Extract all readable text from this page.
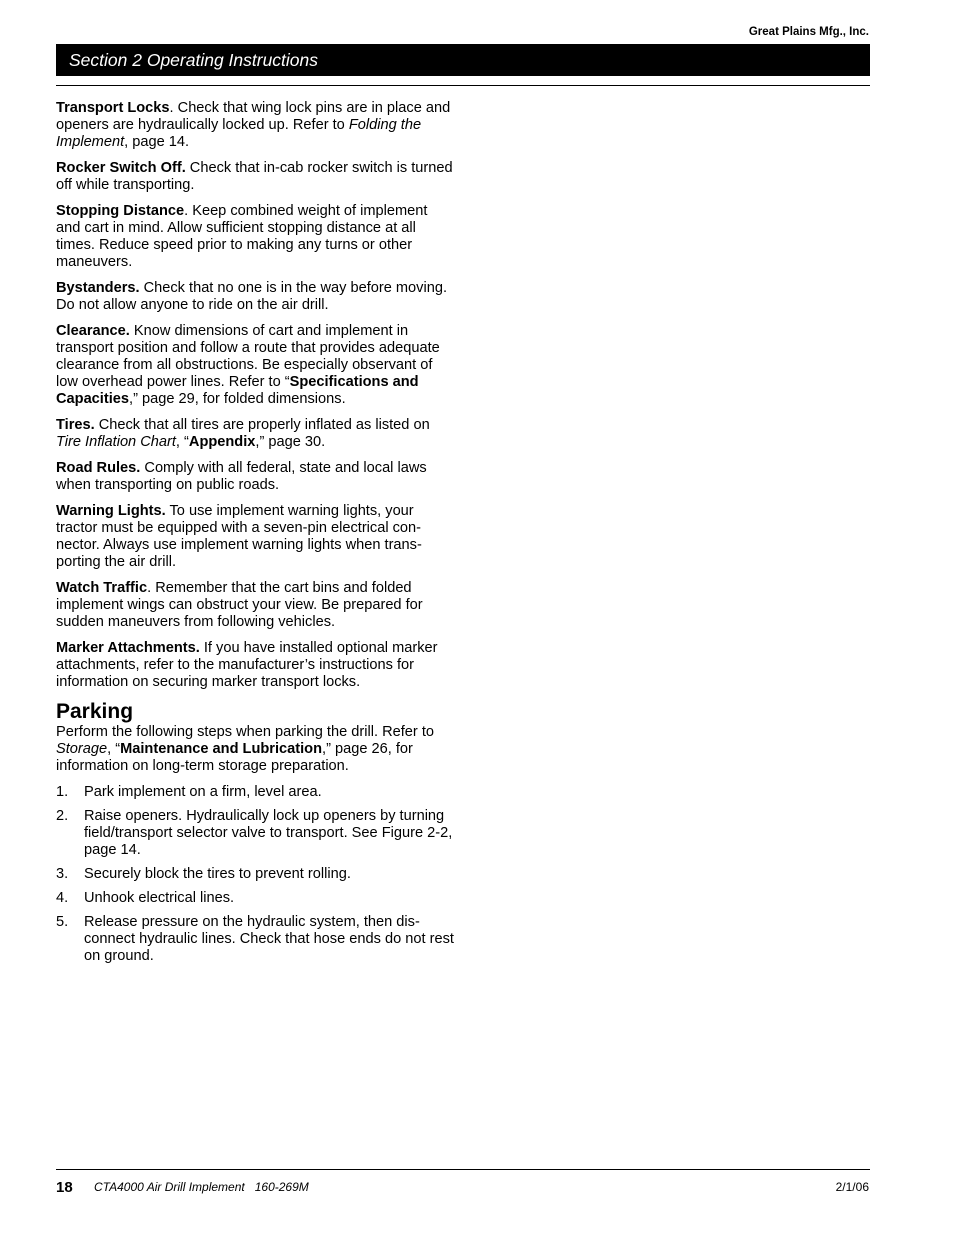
Great Plains Mfg., Inc.
Section 2 Operating Instructions

Transport Locks. Check that wing lock pins are in place and openers are hydraulically locked up. Refer to Folding the Implement, page 14.

Rocker Switch Off. Check that in-cab rocker switch is turned off while transporting.

Stopping Distance. Keep combined weight of implement and cart in mind. Allow sufficient stopping distance at all times. Reduce speed prior to making any turns or other maneuvers.

Bystanders. Check that no one is in the way before moving. Do not allow anyone to ride on the air drill.

Clearance. Know dimensions of cart and implement in transport position and follow a route that provides adequate clearance from all obstructions. Be especially observant of low overhead power lines. Refer to “Specifications and Capacities,” page 29, for folded dimensions.

Tires. Check that all tires are properly inflated as listed on Tire Inflation Chart, “Appendix,” page 30.

Road Rules. Comply with all federal, state and local laws when transporting on public roads.

Warning Lights. To use implement warning lights, your tractor must be equipped with a seven-pin electrical connector. Always use implement warning lights when transporting the air drill.

Watch Traffic. Remember that the cart bins and folded implement wings can obstruct your view. Be prepared for sudden maneuvers from following vehicles.

Marker Attachments. If you have installed optional marker attachments, refer to the manufacturer’s instructions for information on securing marker transport locks.

Parking

Perform the following steps when parking the drill. Refer to Storage, “Maintenance and Lubrication,” page 26, for information on long-term storage preparation.

1. Park implement on a firm, level area.
2. Raise openers. Hydraulically lock up openers by turning field/transport selector valve to transport. See Figure 2-2, page 14.
3. Securely block the tires to prevent rolling.
4. Unhook electrical lines.
5. Release pressure on the hydraulic system, then disconnect hydraulic lines. Check that hose ends do not rest on ground.
18 CTA4000 Air Drill Implement 160-269M	2/1/06
